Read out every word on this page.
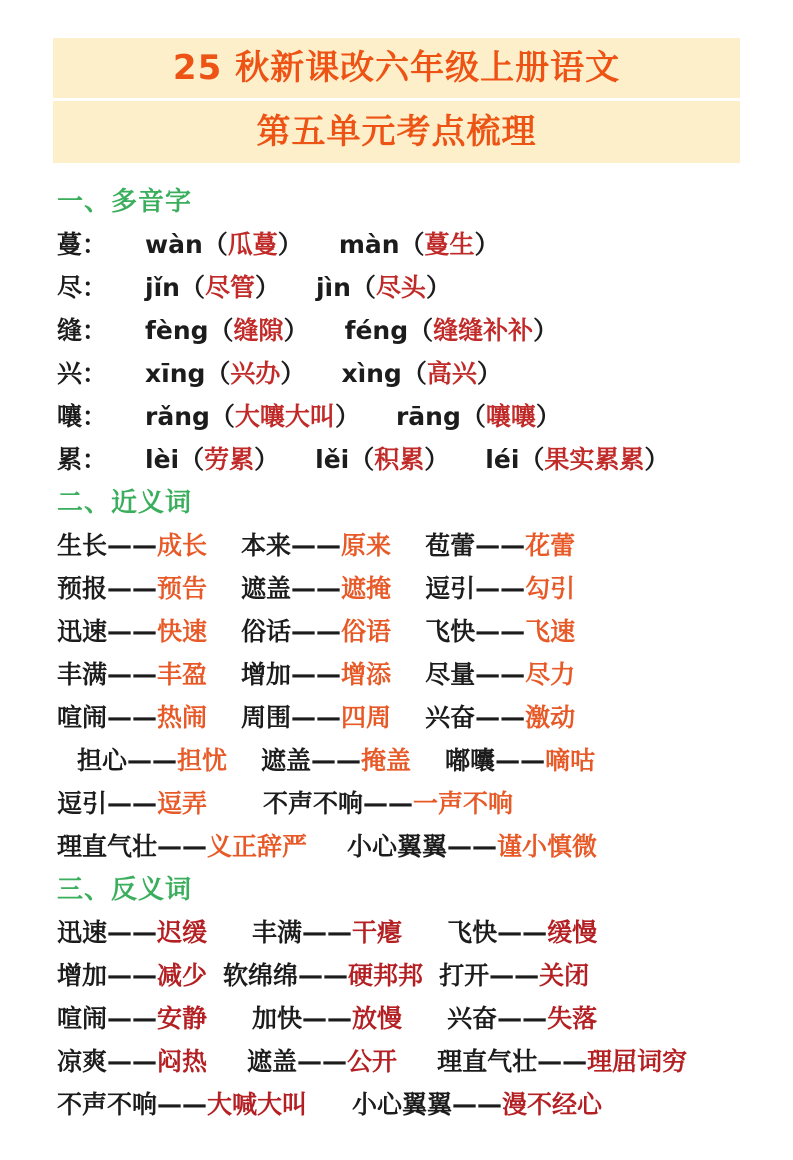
25 秋新课改六年级上册语文
第五单元考点梳理
一、多音字
蔓： wàn（ 瓜蔓 ） màn（ 蔓生 ）
尽： jǐn（ 尽管 ） jìn（ 尽头 ）
缝： fèng（ 缝隙 ） féng（ 缝缝补补 ）
兴： xīng（ 兴办 ） xìng（ 高兴 ）
嚷： rǎng（ 大嚷大叫 ） rāng（ 嚷嚷 ）
累： lèi（ 劳累 ） lěi（ 积累 ） léi（ 果实累累 ）
二、近义词
生长—— 成长 本来—— 原来 苞蕾—— 花蕾
预报—— 预告 遮盖—— 遮掩 逗引—— 勾引
迅速—— 快速 俗话—— 俗语 飞快—— 飞速
丰满—— 丰盈 增加—— 增添 尽量—— 尽力
喧闹—— 热闹 周围—— 四周 兴奋—— 激动
担心—— 担忧 遮盖—— 掩盖 嘟囔—— 嘀咕
逗引—— 逗弄 不声不响—— 一声不响
理直气壮—— 义正辞严 小心翼翼—— 谨小慎微
三、反义词
迅速—— 迟缓 丰满—— 干瘪 飞快—— 缓慢
增加—— 减少 软绵绵—— 硬邦邦 打开—— 关闭
喧闹—— 安静 加快—— 放慢 兴奋—— 失落
凉爽—— 闷热 遮盖—— 公开 理直气壮—— 理屈词穷
不声不响—— 大喊大叫 小心翼翼—— 漫不经心
